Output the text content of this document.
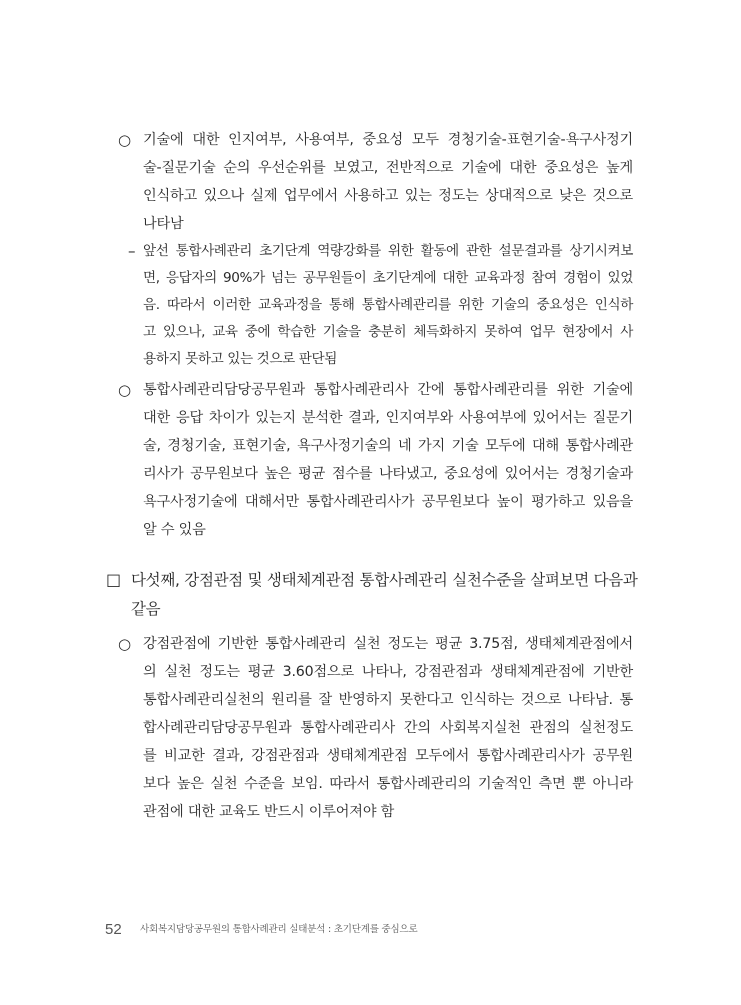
○ 기술에 대한 인지여부, 사용여부, 중요성 모두 경청기술-표현기술-욕구사정기
술-질문기술 순의 우선순위를 보였고, 전반적으로 기술에 대한 중요성은 높게
인식하고 있으나 실제 업무에서 사용하고 있는 정도는 상대적으로 낮은 것으로
나타남
– 앞선 통합사례관리 초기단계 역량강화를 위한 활동에 관한 설문결과를 상기시켜보
면, 응답자의 90%가 넘는 공무원들이 초기단계에 대한 교육과정 참여 경험이 있었
음. 따라서 이러한 교육과정을 통해 통합사례관리를 위한 기술의 중요성은 인식하
고 있으나, 교육 중에 학습한 기술을 충분히 체득화하지 못하여 업무 현장에서 사
용하지 못하고 있는 것으로 판단됨
○ 통합사례관리담당공무원과 통합사례관리사 간에 통합사례관리를 위한 기술에
대한 응답 차이가 있는지 분석한 결과, 인지여부와 사용여부에 있어서는 질문기
술, 경청기술, 표현기술, 욕구사정기술의 네 가지 기술 모두에 대해 통합사례관
리사가 공무원보다 높은 평균 점수를 나타냈고, 중요성에 있어서는 경청기술과
욕구사정기술에 대해서만 통합사례관리사가 공무원보다 높이 평가하고 있음을
알 수 있음
□ 다섯째, 강점관점 및 생태체계관점 통합사례관리 실천수준을 살펴보면 다음과
같음
○ 강점관점에 기반한 통합사례관리 실천 정도는 평균 3.75점, 생태체계관점에서
의 실천 정도는 평균 3.60점으로 나타나, 강점관점과 생태체계관점에 기반한
통합사례관리실천의 원리를 잘 반영하지 못한다고 인식하는 것으로 나타남. 통
합사례관리담당공무원과 통합사례관리사 간의 사회복지실천 관점의 실천정도
를 비교한 결과, 강점관점과 생태체계관점 모두에서 통합사례관리사가 공무원
보다 높은 실천 수준을 보임. 따라서 통합사례관리의 기술적인 측면 뿐 아니라
관점에 대한 교육도 반드시 이루어져야 함
52 사회복지담당공무원의 통합사례관리 실태분석 : 초기단계를 중심으로
